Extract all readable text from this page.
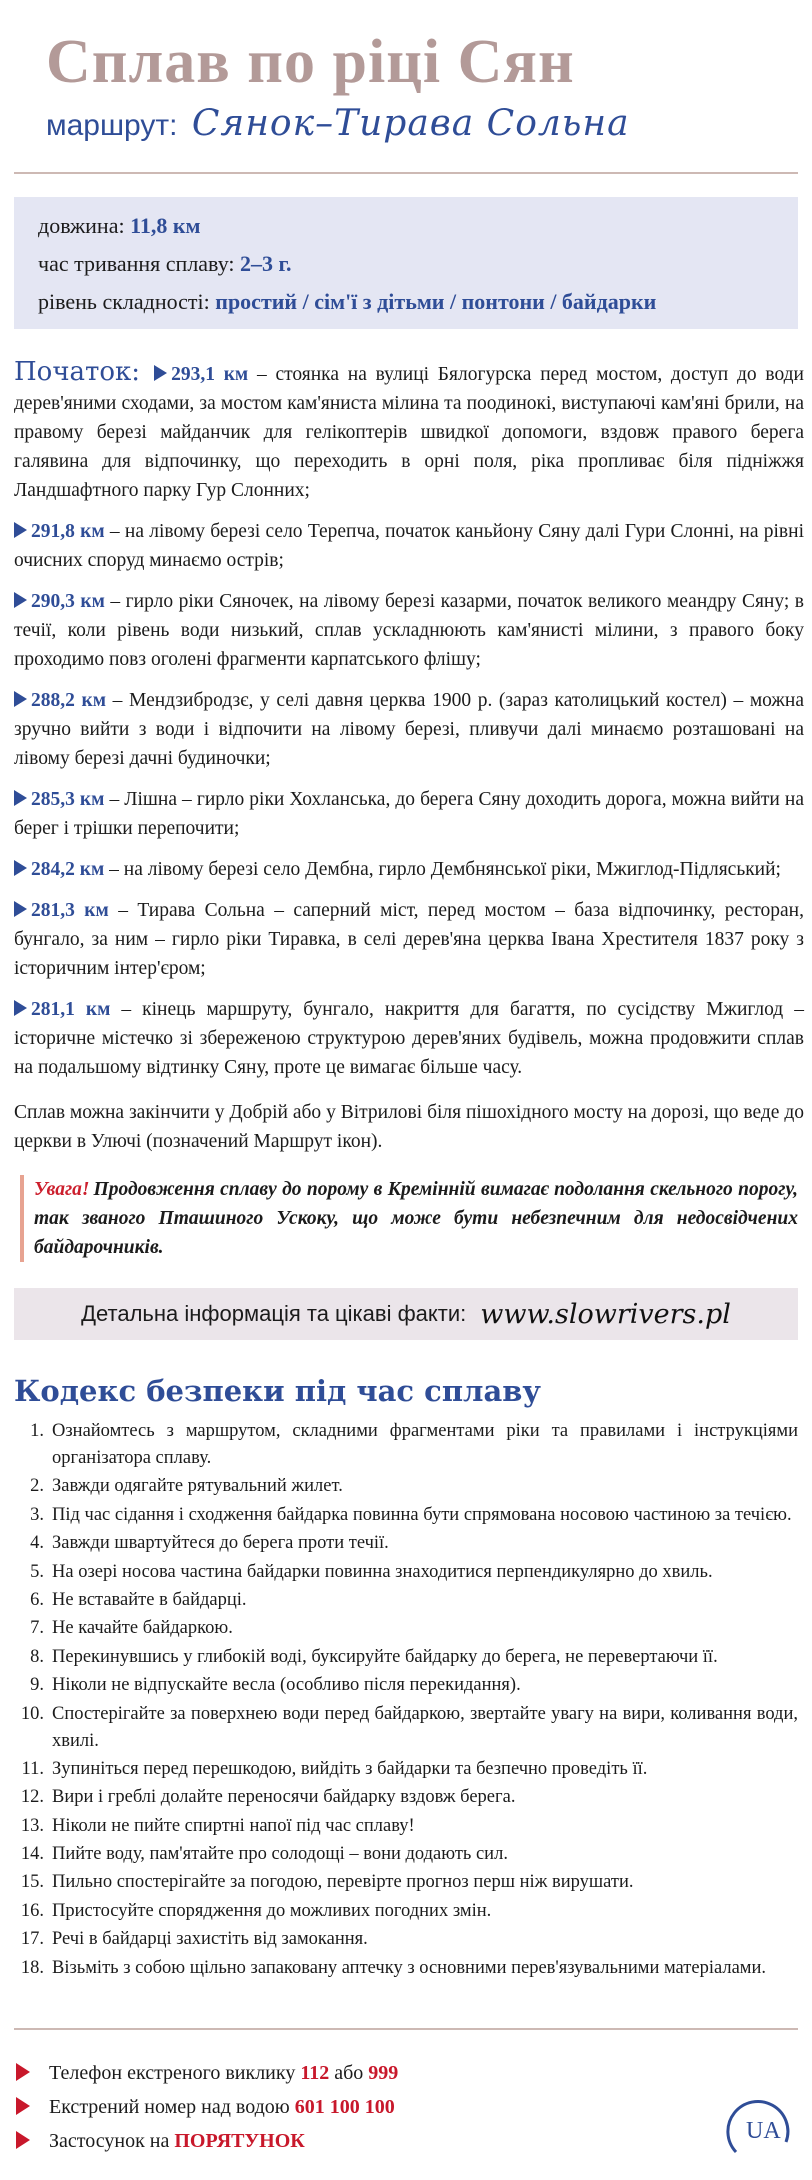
Сплав по ріці Сян
маршрут: Сянок–Тирава Сольна
довжина: 11,8 км
час тривання сплаву: 2–3 г.
рівень складності: простий / сім'ї з дітьми / понтони / байдарки

Початок: 293,1 км – стоянка на вулиці Бялогурска перед мостом, доступ до води дерев'яними сходами, за мостом кам'яниста мілина та поодинокі, виступаючі кам'яні брили, на правому березі майданчик для гелікоптерів швидкої допомоги, вздовж правого берега галявина для відпочинку, що переходить в орні поля, ріка пропливає біля підніжжя Ландшафтного парку Гур Слонних;

291,8 км – на лівому березі село Терепча, початок каньйону Сяну далі Гури Слонні, на рівні очисних споруд минаємо острів;

290,3 км – гирло ріки Сяночек, на лівому березі казарми, початок великого меандру Сяну; в течії, коли рівень води низький, сплав ускладнюють кам'янисті мілини, з правого боку проходимо повз оголені фрагменти карпатського флішу;

288,2 км – Мендзибродзє, у селі давня церква 1900 р. (зараз католицький костел) – можна зручно вийти з води і відпочити на лівому березі, пливучи далі минаємо розташовані на лівому березі дачні будиночки;

285,3 км – Лішна – гирло ріки Хохланська, до берега Сяну доходить дорога, можна вийти на берег і трішки перепочити;

284,2 км – на лівому березі село Дембна, гирло Дембнянської ріки, Мжиглод-Підляський;

281,3 км – Тирава Сольна – саперний міст, перед мостом – база відпочинку, ресторан, бунгало, за ним – гирло ріки Тиравка, в селі дерев'яна церква Івана Хрестителя 1837 року з історичним інтер'єром;

281,1 км – кінець маршруту, бунгало, накриття для багаття, по сусідству Мжиглод – історичне містечко зі збереженою структурою дерев'яних будівель, можна продовжити сплав на подальшому відтинку Сяну, проте це вимагає більше часу.

Сплав можна закінчити у Добрій або у Вітрилові біля пішохідного мосту на дорозі, що веде до церкви в Улючі (позначений Маршрут ікон).

Увага! Продовження сплаву до порому в Кремінній вимагає подолання скельного порогу, так званого Пташиного Ускоку, що може бути небезпечним для недосвідчених байдарочників.
Детальна інформація та цікаві факти: www.slowrivers.pl
Кодекс безпеки під час сплаву
1. Ознайомтесь з маршрутом, складними фрагментами ріки та правилами і інструкціями організатора сплаву.
2. Завжди одягайте рятувальний жилет.
3. Під час сідання і сходження байдарка повинна бути спрямована носовою частиною за течією.
4. Завжди швартуйтеся до берега проти течії.
5. На озері носова частина байдарки повинна знаходитися перпендикулярно до хвиль.
6. Не вставайте в байдарці.
7. Не качайте байдаркою.
8. Перекинувшись у глибокій воді, буксируйте байдарку до берега, не перевертаючи її.
9. Ніколи не відпускайте весла (особливо після перекидання).
10. Спостерігайте за поверхнею води перед байдаркою, звертайте увагу на вири, коливання води, хвилі.
11. Зупиніться перед перешкодою, вийдіть з байдарки та безпечно проведіть її.
12. Вири і греблі долайте переносячи байдарку вздовж берега.
13. Ніколи не пийте спиртні напої під час сплаву!
14. Пийте воду, пам'ятайте про солодощі – вони додають сил.
15. Пильно спостерігайте за погодою, перевірте прогноз перш ніж вирушати.
16. Пристосуйте спорядження до можливих погодних змін.
17. Речі в байдарці захистіть від замокання.
18. Візьміть з собою щільно запаковану аптечку з основними перев'язувальними матеріалами.
Телефон екстреного виклику 112 або 999
Екстрений номер над водою 601 100 100
Застосунок на ПОРЯТУНОК	UA
